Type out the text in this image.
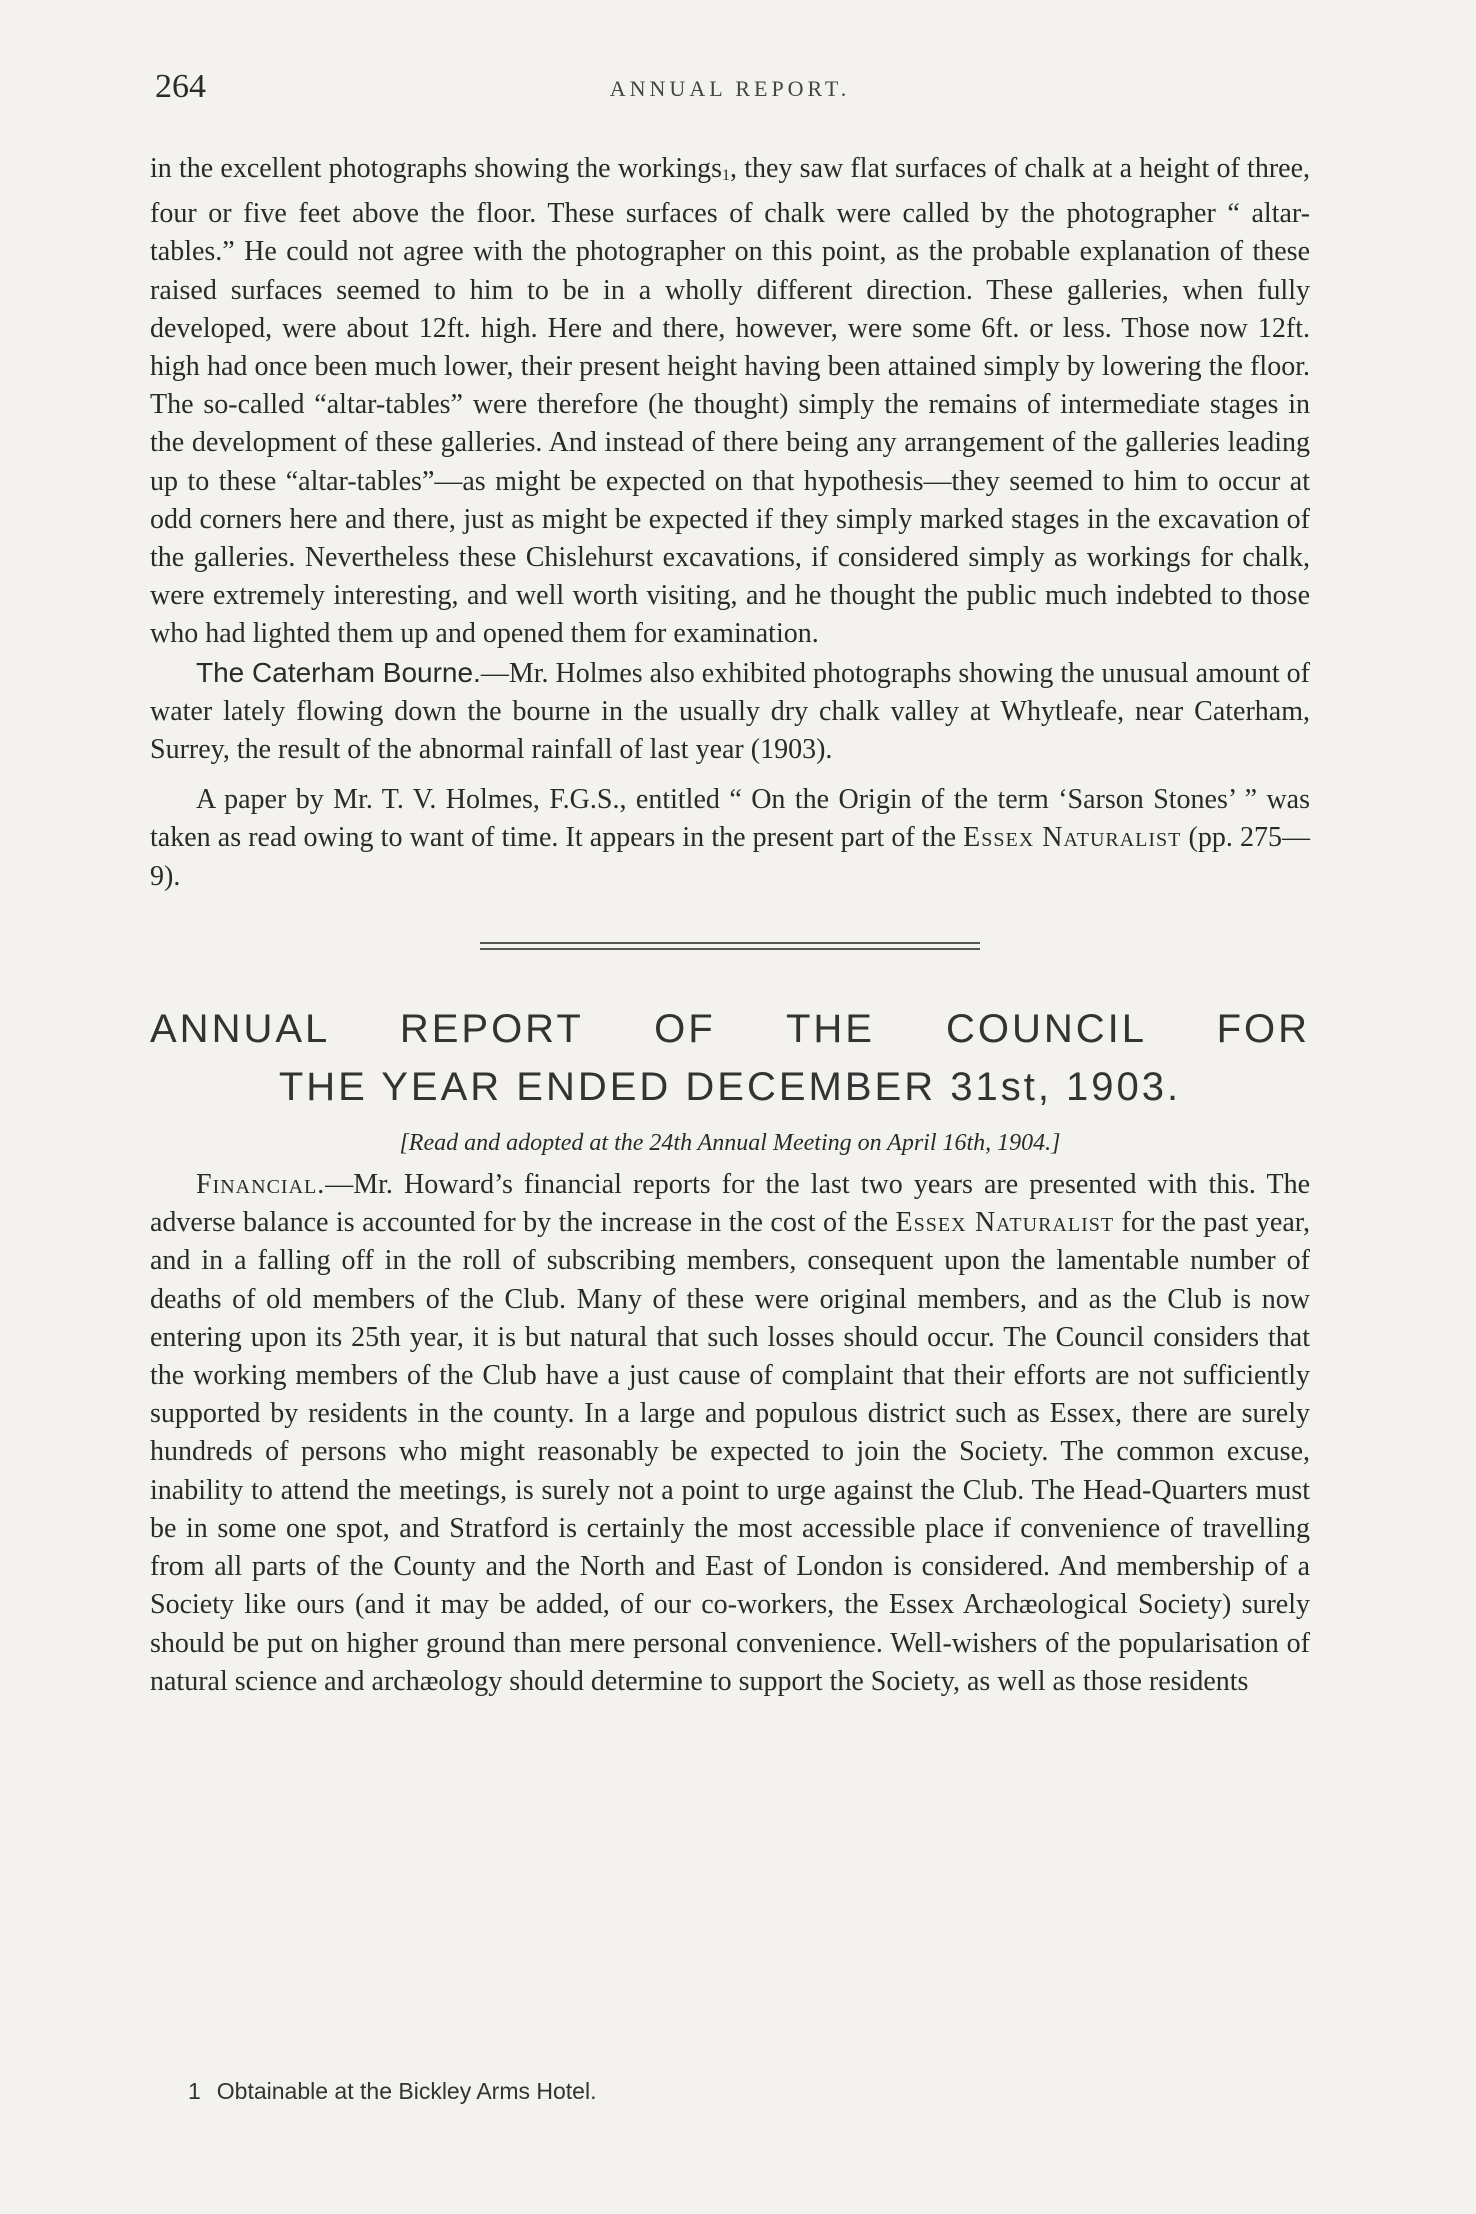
264	ANNUAL REPORT.

in the excellent photographs showing the workings$^1$, they saw flat surfaces of chalk at a height of three, four or five feet above the floor. These surfaces of chalk were called by the photographer “ altar-tables.” He could not agree with the photographer on this point, as the probable explanation of these raised surfaces seemed to him to be in a wholly different direction. These galleries, when fully developed, were about 12ft. high. Here and there, however, were some 6ft. or less. Those now 12ft. high had once been much lower, their present height having been attained simply by lowering the floor. The so-called “altar-tables” were therefore (he thought) simply the remains of intermediate stages in the development of these galleries. And instead of there being any arrangement of the galleries leading up to these “altar-tables”—as might be expected on that hypothesis—they seemed to him to occur at odd corners here and there, just as might be expected if they simply marked stages in the excavation of the galleries. Nevertheless these Chislehurst excavations, if considered simply as workings for chalk, were extremely interesting, and well worth visiting, and he thought the public much indebted to those who had lighted them up and opened them for examination.

The Caterham Bourne.—Mr. Holmes also exhibited photographs showing the unusual amount of water lately flowing down the bourne in the usually dry chalk valley at Whytleafe, near Caterham, Surrey, the result of the abnormal rainfall of last year (1903).

A paper by Mr. T. V. Holmes, F.G.S., entitled “ On the Origin of the term ‘Sarson Stones’ ” was taken as read owing to want of time. It appears in the present part of the Essex Naturalist (pp. 275—9).

ANNUAL REPORT OF THE COUNCIL FOR
THE YEAR ENDED DECEMBER 31st, 1903.
[Read and adopted at the 24th Annual Meeting on April 16th, 1904.]

Financial.—Mr. Howard’s financial reports for the last two years are presented with this. The adverse balance is accounted for by the increase in the cost of the Essex Naturalist for the past year, and in a falling off in the roll of subscribing members, consequent upon the lamentable number of deaths of old members of the Club. Many of these were original members, and as the Club is now entering upon its 25th year, it is but natural that such losses should occur. The Council considers that the working members of the Club have a just cause of complaint that their efforts are not sufficiently supported by residents in the county. In a large and populous district such as Essex, there are surely hundreds of persons who might reasonably be expected to join the Society. The common excuse, inability to attend the meetings, is surely not a point to urge against the Club. The Head-Quarters must be in some one spot, and Stratford is certainly the most accessible place if convenience of travelling from all parts of the County and the North and East of London is considered. And membership of a Society like ours (and it may be added, of our co-workers, the Essex Archæological Society) surely should be put on higher ground than mere personal convenience. Well-wishers of the popularisation of natural science and archæology should determine to support the Society, as well as those residents

1 Obtainable at the Bickley Arms Hotel.
